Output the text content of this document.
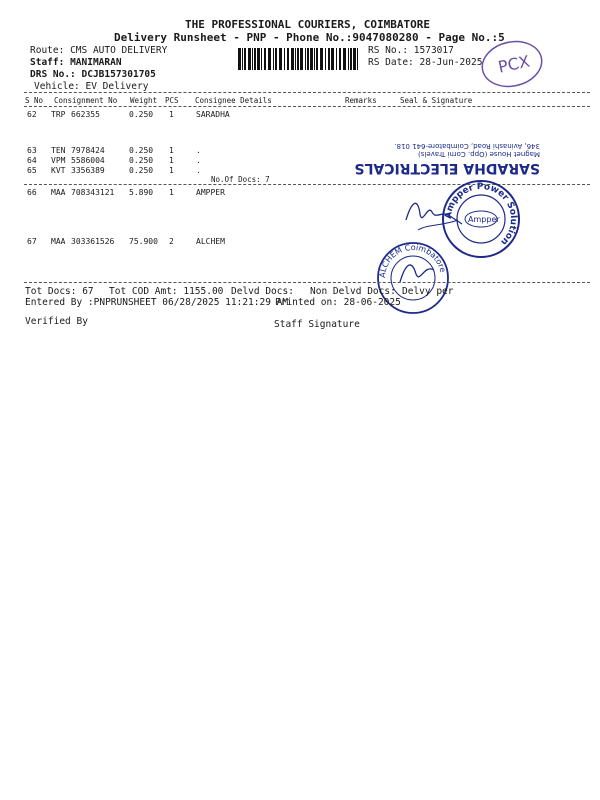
THE PROFESSIONAL COURIERS, COIMBATORE
Delivery Runsheet - PNP - Phone No.:9047080280 - Page No.:5
Route: CMS AUTO DELIVERY
Staff: MANIMARAN
DRS No.: DCJB157301705
Vehicle: EV Delivery
RS No.: 1573017
RS Date: 28-Jun-2025 PCX
S No Consignment No Weight PCS Consignee Details	Remarks	Seal & Signature
62 TRP 662355	0.250 1	SARADHA
63 TEN 7978424	0.250 1	.
64 VPM 5586004	0.250 1	.
65 KVT 3356389	0.250 1	.
No.Of Docs: 7
66 MAA 708343121 5.890 1	AMPPER
67 MAA 303361526 75.900 2	ALCHEM
SARADHA ELECTRICALS
Magnet House (Opp. Corni Travels)
346, Avinashi Road, Coimbatore-641 018.
Ampper Power Solution
Ampper
ALCHEM Coimbatore
Tot Docs: 67 Tot COD Amt: 1155.00 Delvd Docs: Non Delvd Docs: Delvy per
Entered By :PNPRUNSHEET 06/28/2025 11:21:29 AM
Printed on: 28-06-2025
Verified By	Staff Signature
